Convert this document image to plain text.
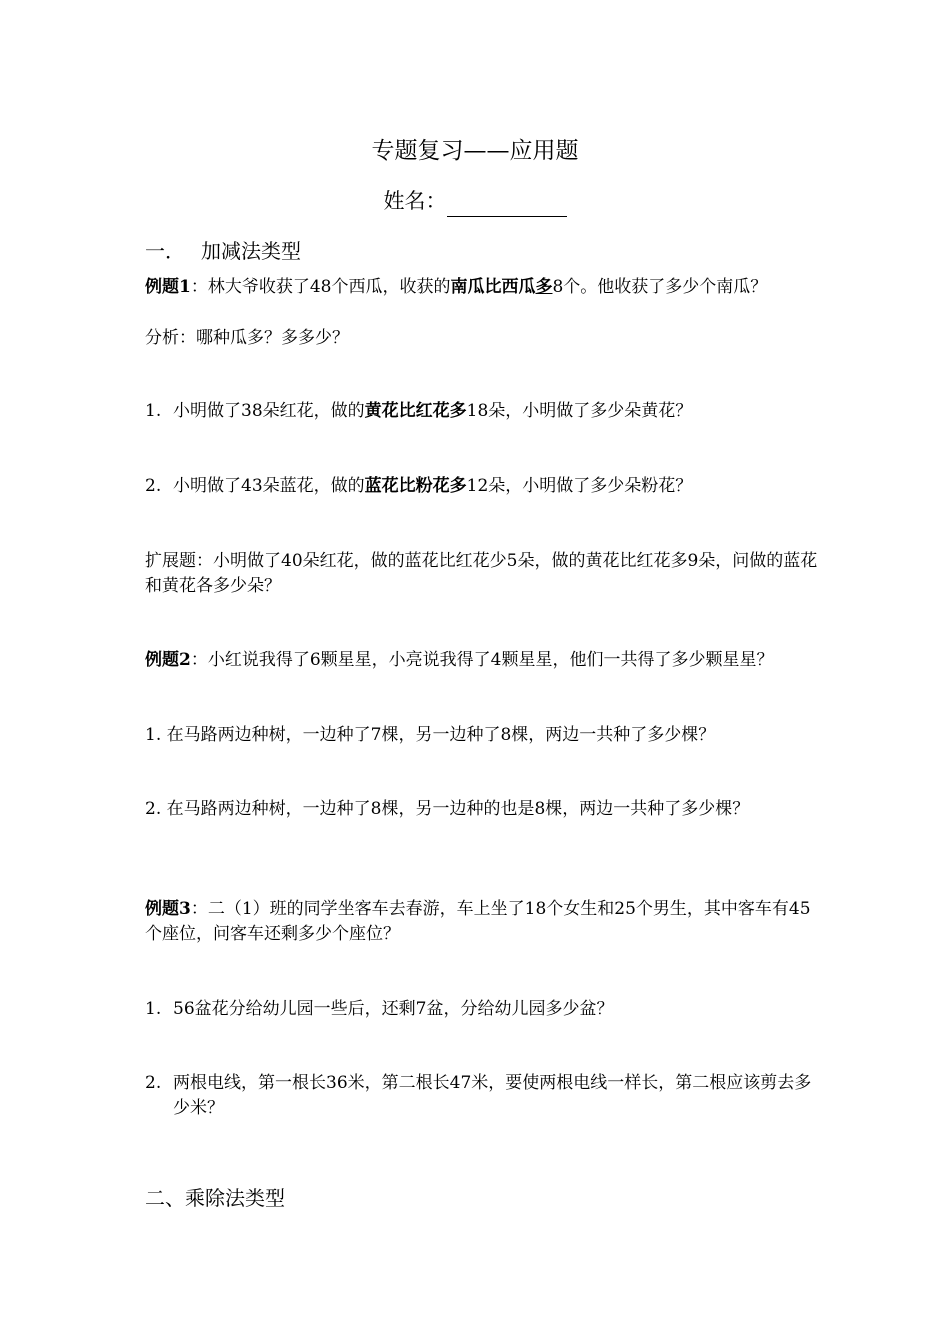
专题复习——应用题
姓名：
一． 加减法类型
例题1：林大爷收获了48个西瓜，收获的南瓜比西瓜多8个。他收获了多少个南瓜？
分析：哪种瓜多？多多少？
1. 小明做了38朵红花，做的黄花比红花多18朵，小明做了多少朵黄花？
2. 小明做了43朵蓝花，做的蓝花比粉花多12朵，小明做了多少朵粉花？
扩展题：小明做了40朵红花，做的蓝花比红花少5朵，做的黄花比红花多9朵，问做的蓝花和黄花各多少朵？
例题2：小红说我得了6颗星星，小亮说我得了4颗星星，他们一共得了多少颗星星？
1. 在马路两边种树，一边种了7棵，另一边种了8棵，两边一共种了多少棵？
2. 在马路两边种树，一边种了8棵，另一边种的也是8棵，两边一共种了多少棵？
例题3：二（1）班的同学坐客车去春游，车上坐了18个女生和25个男生，其中客车有45个座位，问客车还剩多少个座位？
1. 56盆花分给幼儿园一些后，还剩7盆，分给幼儿园多少盆？
2. 两根电线，第一根长36米，第二根长47米，要使两根电线一样长，第二根应该剪去多少米？
二、乘除法类型
